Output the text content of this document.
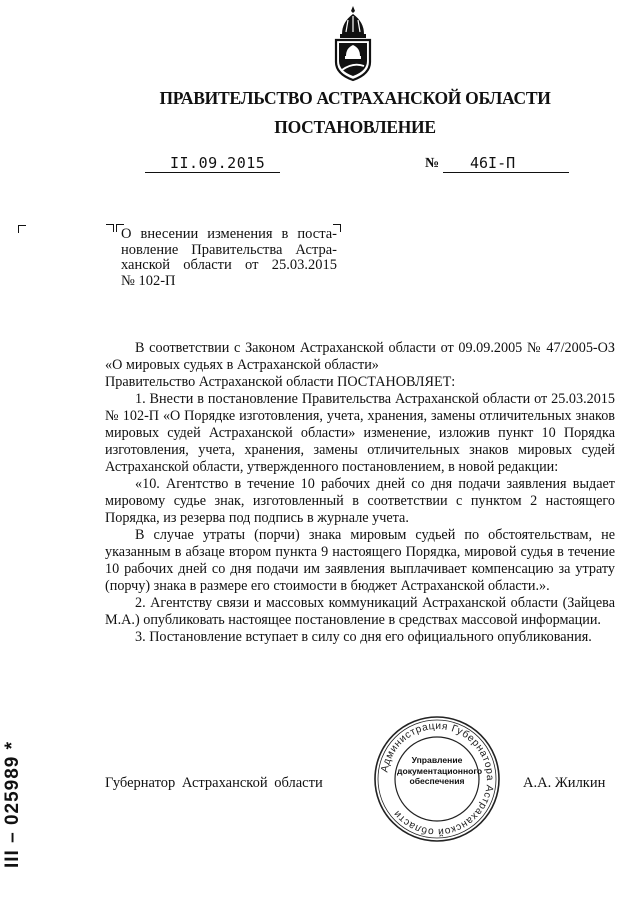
ПРАВИТЕЛЬСТВО АСТРАХАНСКОЙ ОБЛАСТИ
ПОСТАНОВЛЕНИЕ
II.09.2015	№ 46I-П
О внесении изменения в поста-
новление Правительства Астра-
ханской области от 25.03.2015
№ 102-П

В соответствии с Законом Астраханской области от 09.09.2005 № 47/2005-ОЗ «О мировых судьях в Астраханской области»

Правительство Астраханской области ПОСТАНОВЛЯЕТ:

1. Внести в постановление Правительства Астраханской области от 25.03.2015 № 102-П «О Порядке изготовления, учета, хранения, замены отличительных знаков мировых судей Астраханской области» изменение, изложив пункт 10 Порядка изготовления, учета, хранения, замены отличительных знаков мировых судей Астраханской области, утвержденного постановлением, в новой редакции:

«10. Агентство в течение 10 рабочих дней со дня подачи заявления выдает мировому судье знак, изготовленный в соответствии с пунктом 2 настоящего Порядка, из резерва под подпись в журнале учета.

В случае утраты (порчи) знака мировым судьей по обстоятельствам, не указанным в абзаце втором пункта 9 настоящего Порядка, мировой судья в течение 10 рабочих дней со дня подачи им заявления выплачивает компенсацию за утрату (порчу) знака в размере его стоимости в бюджет Астраханской области.».

2. Агентству связи и массовых коммуникаций Астраханской области (Зайцева М.А.) опубликовать настоящее постановление в средствах массовой информации.

3. Постановление вступает в силу со дня его официального опубликования.

Губернатор Астраханской области	А.А. Жилкин
Администрация Губернатора Астраханской области
Управление
документационного
обеспечения
III – 025989 *
